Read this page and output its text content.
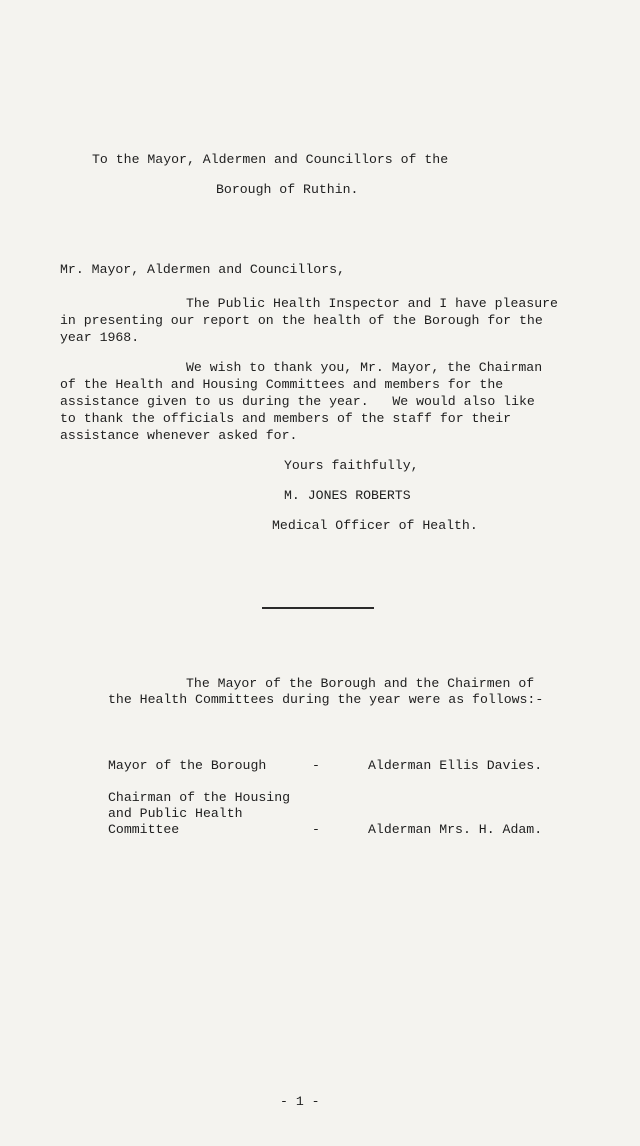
To the Mayor, Aldermen and Councillors of the
Borough of Ruthin.
Mr. Mayor, Aldermen and Councillors,
The Public Health Inspector and I have pleasure
in presenting our report on the health of the Borough for the
year 1968.
We wish to thank you, Mr. Mayor, the Chairman
of the Health and Housing Committees and members for the
assistance given to us during the year.   We would also like
to thank the officials and members of the staff for their
assistance whenever asked for.
Yours faithfully,
M. JONES ROBERTS
Medical Officer of Health.
The Mayor of the Borough and the Chairmen of
the Health Committees during the year were as follows:-
Mayor of the Borough	-	Alderman Ellis Davies.
Chairman of the Housing
and Public Health
Committee	-	Alderman Mrs. H. Adam.
- 1 -
